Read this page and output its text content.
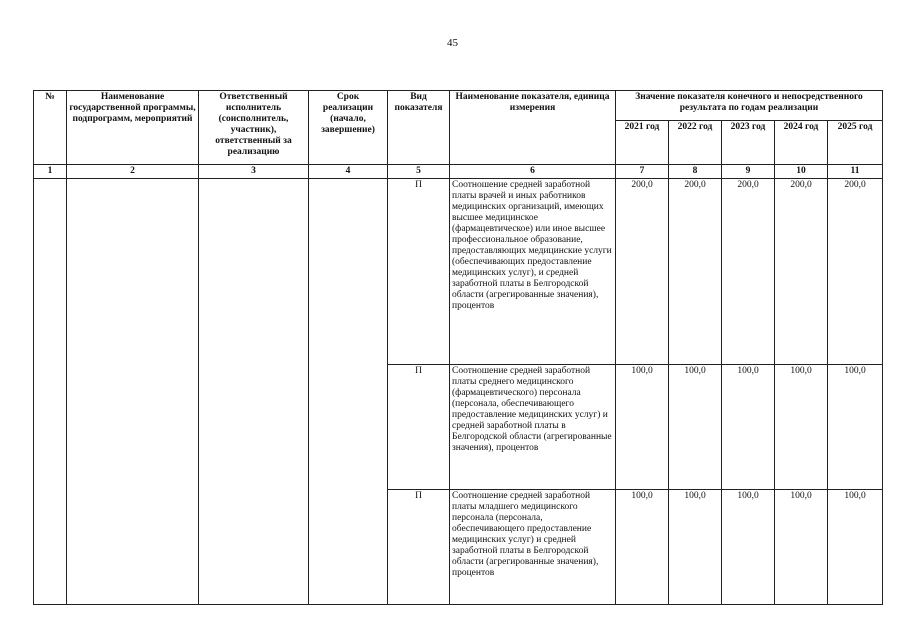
45
№	Наименование государственной программы, подпрограмм, мероприятий	Ответственный исполнитель (соисполнитель, участник), ответственный за реализацию	Срок реализации (начало, завершение)	Вид показателя	Наименование показателя, единица измерения	Значение показателя конечного и непосредственного результата по годам реализации				
						2021 год	2022 год	2023 год	2024 год	2025 год
1	2	3	4	5	6	7	8	9	10	11
				П	Соотношение средней заработной платы врачей и иных работников медицинских организаций, имеющих высшее медицинское (фармацевтическое) или иное высшее профессиональное образование, предоставляющих медицинские услуги (обеспечивающих предоставление медицинских услуг), и средней заработной платы в Белгородской области (агрегированные значения), процентов	200,0	200,0	200,0	200,0	200,0
				П	Соотношение средней заработной платы среднего медицинского (фармацевтического) персонала (персонала, обеспечивающего предоставление медицинских услуг) и средней заработной платы в Белгородской области (агрегированные значения), процентов	100,0	100,0	100,0	100,0	100,0
				П	Соотношение средней заработной платы младшего медицинского персонала (персонала, обеспечивающего предоставление медицинских услуг) и средней заработной платы в Белгородской области (агрегированные значения), процентов	100,0	100,0	100,0	100,0	100,0
